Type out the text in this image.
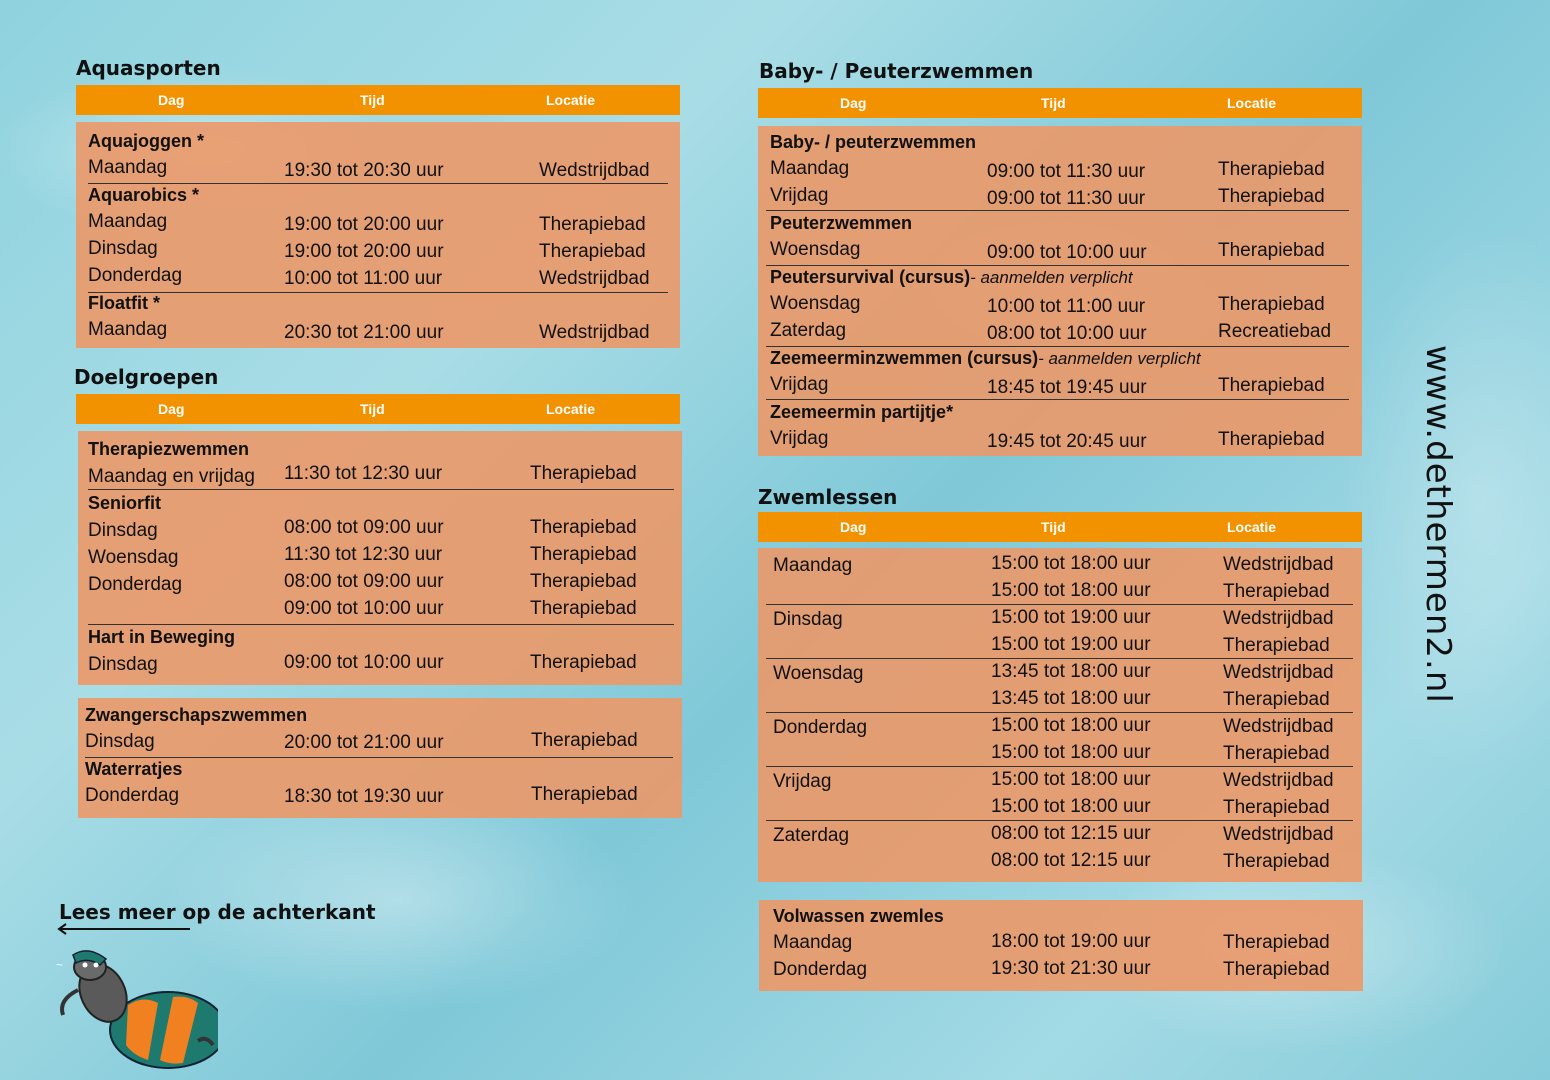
Aquasporten
Dag	Tijd	Locatie
Aquajoggen *
Maandag	19:30 tot 20:30 uur	Wedstrijdbad
Aquarobics *
Maandag	19:00 tot 20:00 uur	Therapiebad
Dinsdag	19:00 tot 20:00 uur	Therapiebad
Donderdag	10:00 tot 11:00 uur	Wedstrijdbad
Floatfit *
Maandag	20:30 tot 21:00 uur	Wedstrijdbad
Doelgroepen
Dag	Tijd	Locatie
Therapiezwemmen
Maandag en vrijdag 11:30 tot 12:30 uur	Therapiebad
Seniorfit
Dinsdag	08:00 tot 09:00 uur	Therapiebad
Woensdag	11:30 tot 12:30 uur	Therapiebad
Donderdag	08:00 tot 09:00 uur	Therapiebad
09:00 tot 10:00 uur	Therapiebad
Hart in Beweging
Dinsdag	09:00 tot 10:00 uur	Therapiebad
Zwangerschapszwemmen
Dinsdag	20:00 tot 21:00 uur	Therapiebad
Waterratjes
Donderdag	18:30 tot 19:30 uur	Therapiebad
Baby- / Peuterzwemmen
Dag	Tijd	Locatie
Baby- / peuterzwemmen
Maandag	09:00 tot 11:30 uur	Therapiebad
Vrijdag	09:00 tot 11:30 uur	Therapiebad
Peuterzwemmen
Woensdag	09:00 tot 10:00 uur	Therapiebad
Peutersurvival (cursus)- aanmelden verplicht
Woensdag	10:00 tot 11:00 uur	Therapiebad
Zaterdag	08:00 tot 10:00 uur	Recreatiebad
Zeemeerminzwemmen (cursus)- aanmelden verplicht
Vrijdag	18:45 tot 19:45 uur	Therapiebad
Zeemeermin partijtje*
Vrijdag	19:45 tot 20:45 uur	Therapiebad
Zwemlessen
Dag	Tijd	Locatie
Maandag	15:00 tot 18:00 uur	Wedstrijdbad
15:00 tot 18:00 uur	Therapiebad
Dinsdag	15:00 tot 19:00 uur	Wedstrijdbad
15:00 tot 19:00 uur	Therapiebad
Woensdag	13:45 tot 18:00 uur	Wedstrijdbad
13:45 tot 18:00 uur	Therapiebad
Donderdag	15:00 tot 18:00 uur	Wedstrijdbad
15:00 tot 18:00 uur	Therapiebad
Vrijdag	15:00 tot 18:00 uur	Wedstrijdbad
15:00 tot 18:00 uur	Therapiebad
Zaterdag	08:00 tot 12:15 uur	Wedstrijdbad
08:00 tot 12:15 uur	Therapiebad
Volwassen zwemles
Maandag	18:00 tot 19:00 uur	Therapiebad
Donderdag	19:30 tot 21:30 uur	Therapiebad
Lees meer op de achterkant
~
www.dethermen2.nl
